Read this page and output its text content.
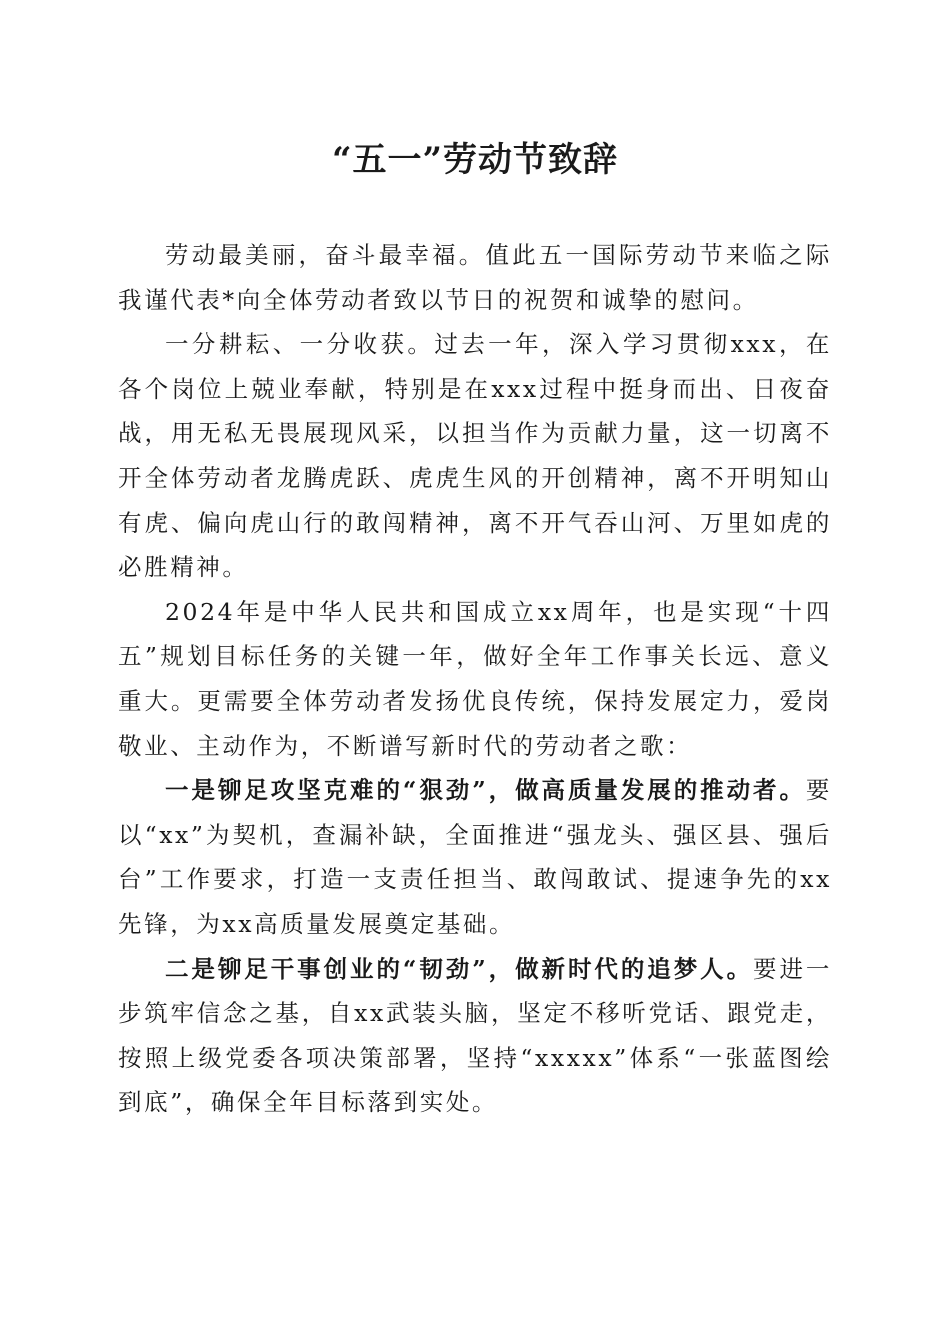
“五一”劳动节致辞

劳动最美丽，奋斗最幸福。值此五一国际劳动节来临之际我谨代表*向全体劳动者致以节日的祝贺和诚挚的慰问。

一分耕耘、一分收获。过去一年，深入学习贯彻xxx，在各个岗位上兢业奉献，特别是在xxx过程中挺身而出、日夜奋战，用无私无畏展现风采，以担当作为贡献力量，这一切离不开全体劳动者龙腾虎跃、虎虎生风的开创精神，离不开明知山有虎、偏向虎山行的敢闯精神，离不开气吞山河、万里如虎的必胜精神。

2024年是中华人民共和国成立xx周年，也是实现“十四五”规划目标任务的关键一年，做好全年工作事关长远、意义重大。更需要全体劳动者发扬优良传统，保持发展定力，爱岗敬业、主动作为，不断谱写新时代的劳动者之歌：

一是铆足攻坚克难的“狠劲”，做高质量发展的推动者。要以“xx”为契机，查漏补缺，全面推进“强龙头、强区县、强后台”工作要求，打造一支责任担当、敢闯敢试、提速争先的xx先锋，为xx高质量发展奠定基础。

二是铆足干事创业的“韧劲”，做新时代的追梦人。要进一步筑牢信念之基，自xx武装头脑，坚定不移听党话、跟党走，按照上级党委各项决策部署，坚持“xxxxx”体系“一张蓝图绘到底”，确保全年目标落到实处。
